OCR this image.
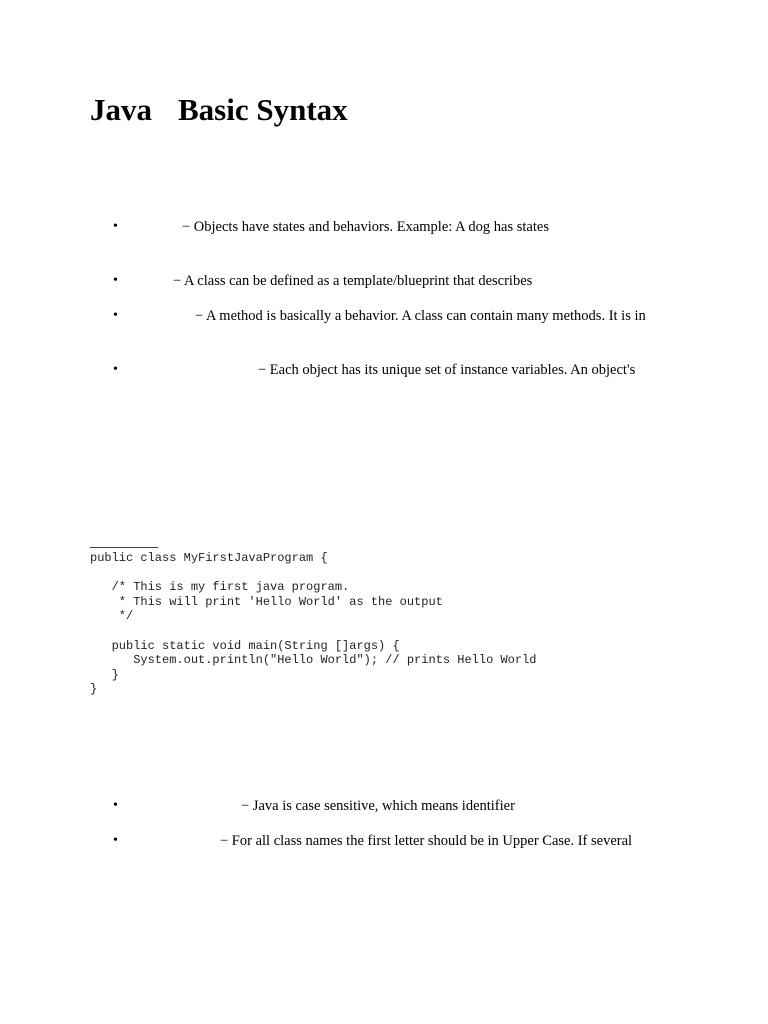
Java Basic Syntax
•	− Objects have states and behaviors. Example: A dog has states
•	− A class can be defined as a template/blueprint that describes
•	− A method is basically a behavior. A class can contain many methods. It is in
•	− Each object has its unique set of instance variables. An object's
public class MyFirstJavaProgram {

/* This is my first java program.
* This will print 'Hello World' as the output
*/

public static void main(String []args) {
System.out.println("Hello World"); // prints Hello World
}
}
•	− Java is case sensitive, which means identifier
•	− For all class names the first letter should be in Upper Case. If several
